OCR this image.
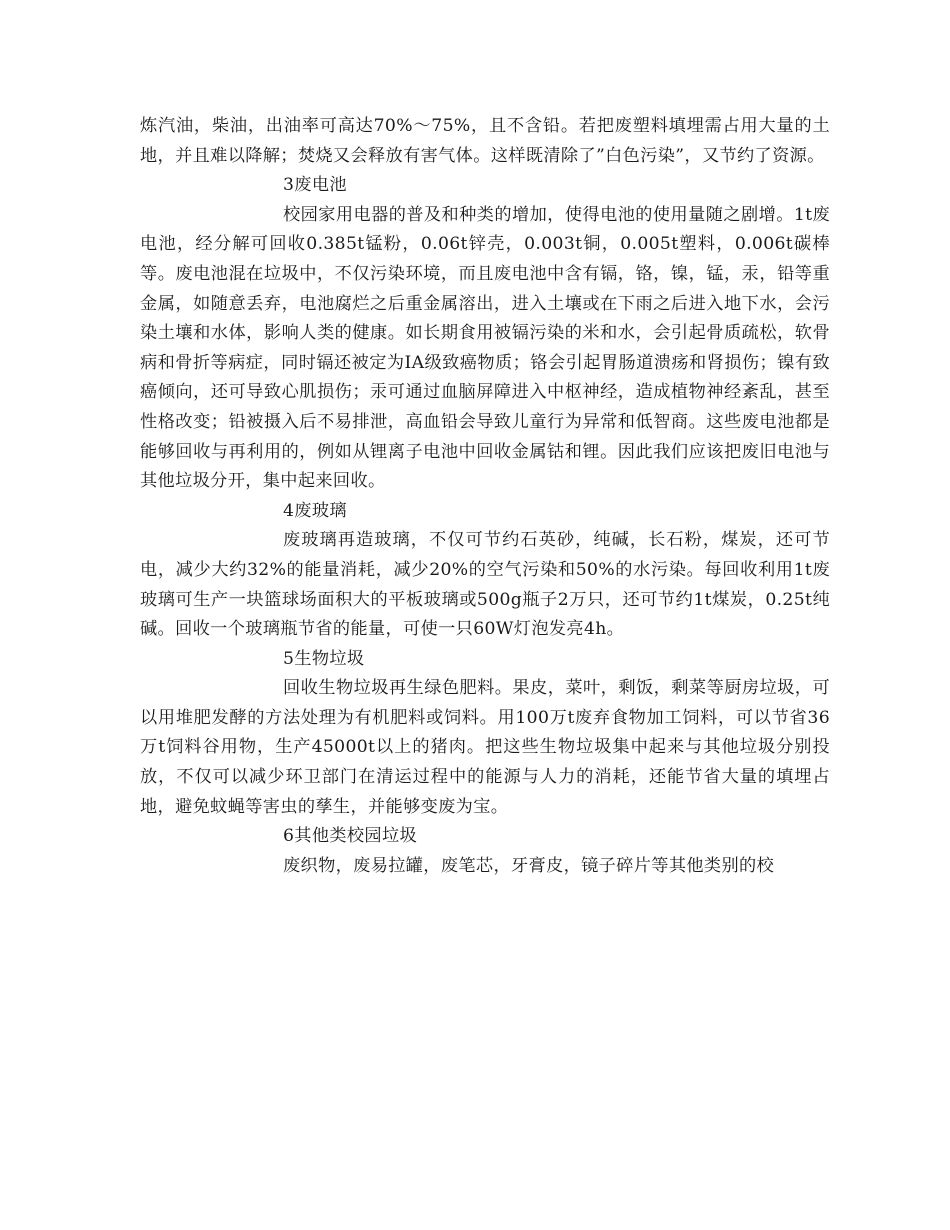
炼汽油，柴油，出油率可高达70%～75%，且不含铅。若把废塑料填埋需占用大量的土地，并且难以降解；焚烧又会释放有害气体。这样既清除了”白色污染”，又节约了资源。

3废电池

校园家用电器的普及和种类的增加，使得电池的使用量随之剧增。1t废电池，经分解可回收0.385t锰粉，0.06t锌壳，0.003t铜，0.005t塑料，0.006t碳棒等。废电池混在垃圾中，不仅污染环境，而且废电池中含有镉，铬，镍，锰，汞，铅等重金属，如随意丢弃，电池腐烂之后重金属溶出，进入土壤或在下雨之后进入地下水，会污染土壤和水体，影响人类的健康。如长期食用被镉污染的米和水，会引起骨质疏松，软骨病和骨折等病症，同时镉还被定为IA级致癌物质；铬会引起胃肠道溃疡和肾损伤；镍有致癌倾向，还可导致心肌损伤；汞可通过血脑屏障进入中枢神经，造成植物神经紊乱，甚至性格改变；铅被摄入后不易排泄，高血铅会导致儿童行为异常和低智商。这些废电池都是能够回收与再利用的，例如从锂离子电池中回收金属钴和锂。因此我们应该把废旧电池与其他垃圾分开，集中起来回收。

4废玻璃

废玻璃再造玻璃，不仅可节约石英砂，纯碱，长石粉，煤炭，还可节电，减少大约32%的能量消耗，减少20%的空气污染和50%的水污染。每回收利用1t废玻璃可生产一块篮球场面积大的平板玻璃或500g瓶子2万只，还可节约1t煤炭，0.25t纯碱。回收一个玻璃瓶节省的能量，可使一只60W灯泡发亮4h。

5生物垃圾

回收生物垃圾再生绿色肥料。果皮，菜叶，剩饭，剩菜等厨房垃圾，可以用堆肥发酵的方法处理为有机肥料或饲料。用100万t废弃食物加工饲料，可以节省36万t饲料谷用物，生产45000t以上的猪肉。把这些生物垃圾集中起来与其他垃圾分别投放，不仅可以减少环卫部门在清运过程中的能源与人力的消耗，还能节省大量的填埋占地，避免蚊蝇等害虫的孳生，并能够变废为宝。

6其他类校园垃圾

废织物，废易拉罐，废笔芯，牙膏皮，镜子碎片等其他类别的校
